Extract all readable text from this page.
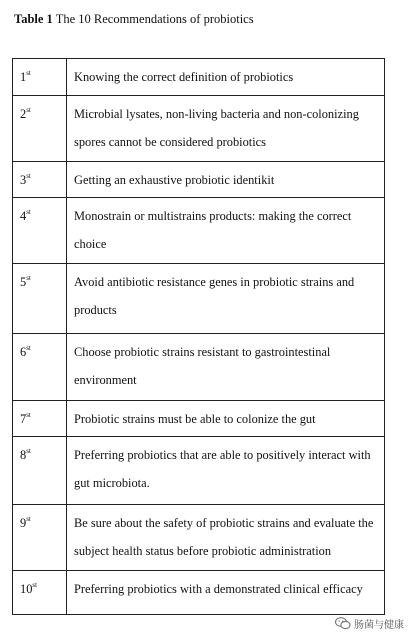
Table 1 The 10 Recommendations of probiotics
1st	Knowing the correct definition of probiotics

2st	Microbial lysates, non-living bacteria and non-colonizing spores cannot be considered probiotics

3st	Getting an exhaustive probiotic identikit

4st	Monostrain or multistrains products: making the correct choice

5st	Avoid antibiotic resistance genes in probiotic strains and products

6st	Choose probiotic strains resistant to gastrointestinal environment

7st	Probiotic strains must be able to colonize the gut

8st	Preferring probiotics that are able to positively interact with gut microbiota.

9st	Be sure about the safety of probiotic strains and evaluate the subject health status before probiotic administration

10st	Preferring probiotics with a demonstrated clinical efficacy
肠菌与健康
